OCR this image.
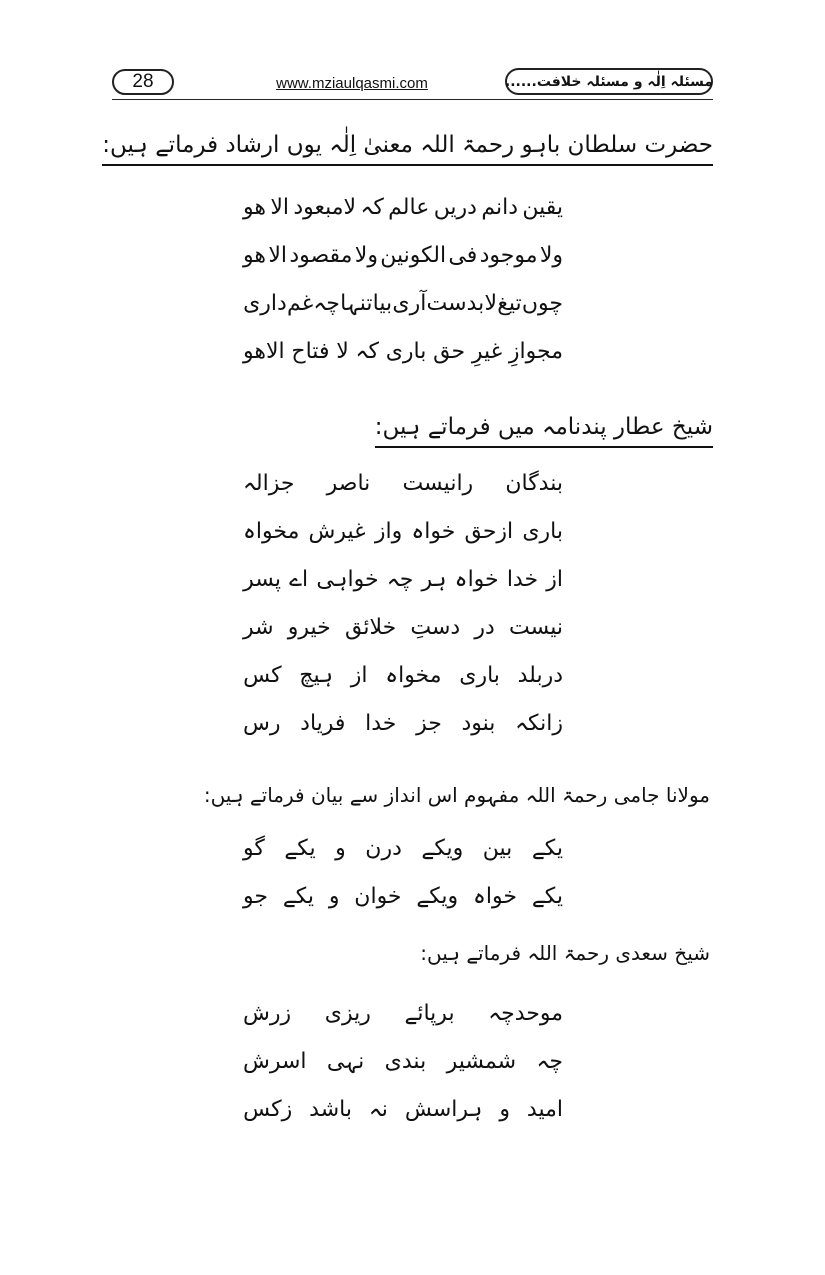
28	www.mziaulqasmi.com	مسئلہ اِلٰہ و مسئلہ خلافت......
حضرت سلطان باہو رحمۃ اللہ معنیٰ اِلٰہ یوں ارشاد فرماتے ہیں:
یقین
دانم
دریں
عالم
کہ
لامبعود
الا
ھو
ولا
موجود
فی
الکونین
ولا
مقصود
الا
ھو
چوں
تیغ
لا
بدست
آری
بیا
تنہا
چہ
غم
داری
مجوازِ
غیرِ
حق
باری
کہ
لا
فتاح
الاھو
شیخ عطار پندنامہ میں فرماتے ہیں:
بندگان
رانیست
ناصر
جزالہ
باری
ازحق
خواہ
واز
غیرش
مخواہ
از
خدا
خواہ
ہر
چہ
خواہی
اے
پسر
نیست
در
دستِ
خلائق
خیرو
شر
دربلد
باری
مخواہ
از
ہیچ
کس
زانکہ
بنود
جز
خدا
فریاد
رس
مولانا جامی رحمۃ اللہ مفہوم اس انداز سے بیان فرماتے ہیں:
یکے
بین
ویکے
درن
و
یکے
گو
یکے
خواہ
ویکے
خوان
و
یکے
جو
شیخ سعدی رحمۃ اللہ فرماتے ہیں:
موحدچہ
برپائے
ریزی
زرش
چہ
شمشیر
بندی
نہی
اسرش
امید
و
ہراسش
نہ
باشد
زکس
